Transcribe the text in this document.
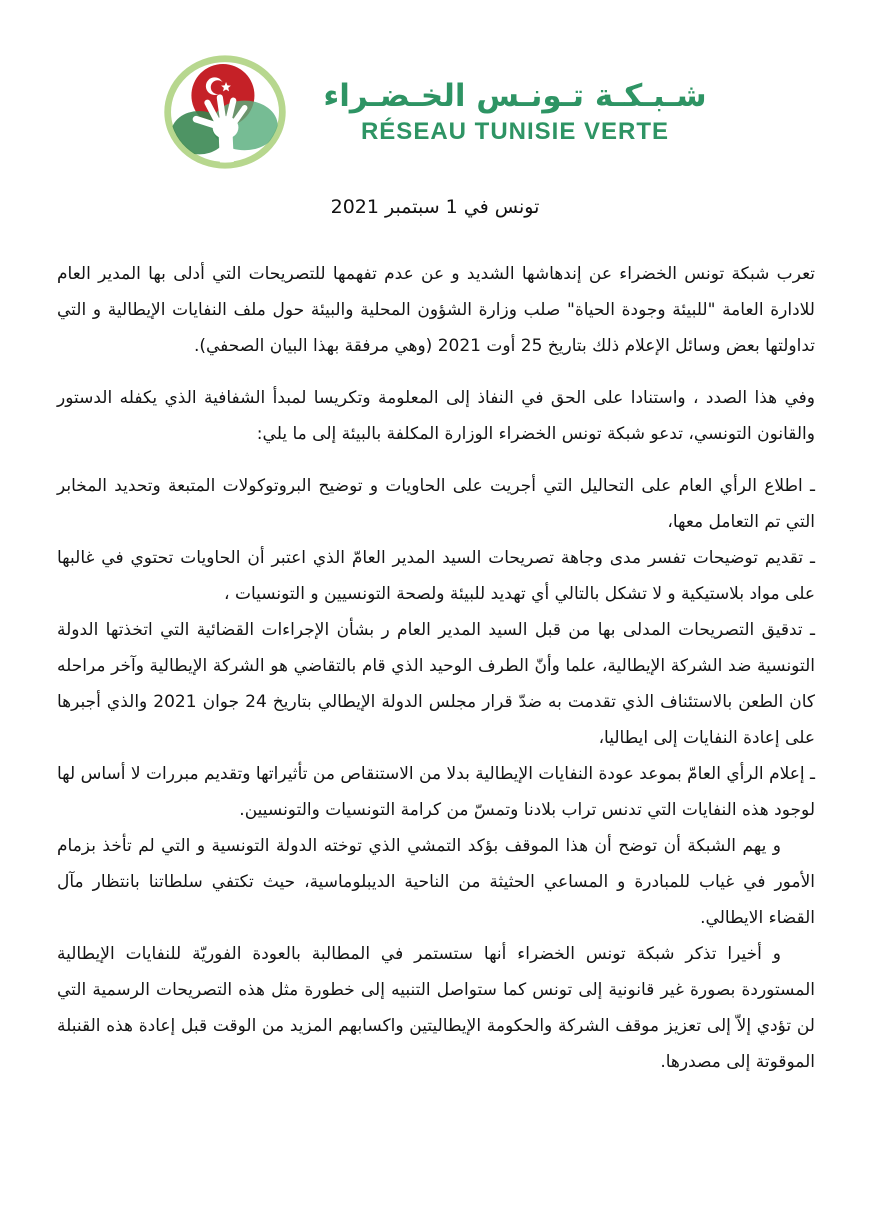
شـبـكـة تـونـس الخـضـراء
RÉSEAU TUNISIE VERTE
تونس في 1 سبتمبر 2021

تعرب شبكة تونس الخضراء عن إندهاشها الشديد و عن عدم تفهمها للتصريحات التي أدلى بها المدير العام للادارة العامة "للبيئة وجودة الحياة" صلب وزارة الشؤون المحلية والبيئة حول ملف النفايات الإيطالية و التي تداولتها بعض وسائل الإعلام ذلك بتاريخ 25 أوت 2021 (وهي مرفقة بهذا البيان الصحفي).

وفي هذا الصدد ، واستنادا على الحق في النفاذ إلى المعلومة وتكريسا لمبدأ الشفافية الذي يكفله الدستور والقانون التونسي، تدعو شبكة تونس الخضراء الوزارة المكلفة بالبيئة إلى ما يلي:

ـ اطلاع الرأي العام على التحاليل التي أجريت على الحاويات و توضيح البروتوكولات المتبعة وتحديد المخابر التي تم التعامل معها،

ـ تقديم توضيحات تفسر مدى وجاهة تصريحات السيد المدير العامّ الذي اعتبر أن الحاويات تحتوي في غالبها على مواد بلاستيكية و لا تشكل بالتالي أي تهديد للبيئة ولصحة التونسيين و التونسيات ،

ـ تدقيق التصريحات المدلى بها من قبل السيد المدير العام ر بشأن الإجراءات القضائية التي اتخذتها الدولة التونسية ضد الشركة الإيطالية، علما وأنّ الطرف الوحيد الذي قام بالتقاضي هو الشركة الإيطالية وآخر مراحله كان الطعن بالاستئناف الذي تقدمت به ضدّ قرار مجلس الدولة الإيطالي بتاريخ 24 جوان 2021 والذي أجبرها على إعادة النفايات إلى ايطاليا،

ـ إعلام الرأي العامّ بموعد عودة النفايات الإيطالية بدلا من الاستنقاص من تأثيراتها وتقديم مبررات لا أساس لها لوجود هذه النفايات التي تدنس تراب بلادنا وتمسّ من كرامة التونسيات والتونسيين.

و يهم الشبكة أن توضح أن هذا الموقف بؤكد التمشي الذي توخته الدولة التونسية و التي لم تأخذ بزمام الأمور في غياب للمبادرة و المساعي الحثيثة من الناحية الديبلوماسية، حيث تكتفي سلطاتنا بانتظار مآل القضاء الايطالي.

و أخيرا تذكر شبكة تونس الخضراء أنها ستستمر في المطالبة بالعودة الفوريّة للنفايات الإيطالية المستوردة بصورة غير قانونية إلى تونس كما ستواصل التنبيه إلى خطورة مثل هذه التصريحات الرسمية التي لن تؤدي إلاّ إلى تعزيز موقف الشركة والحكومة الإيطاليتين واكسابهم المزيد من الوقت قبل إعادة هذه القنبلة الموقوتة إلى مصدرها.
